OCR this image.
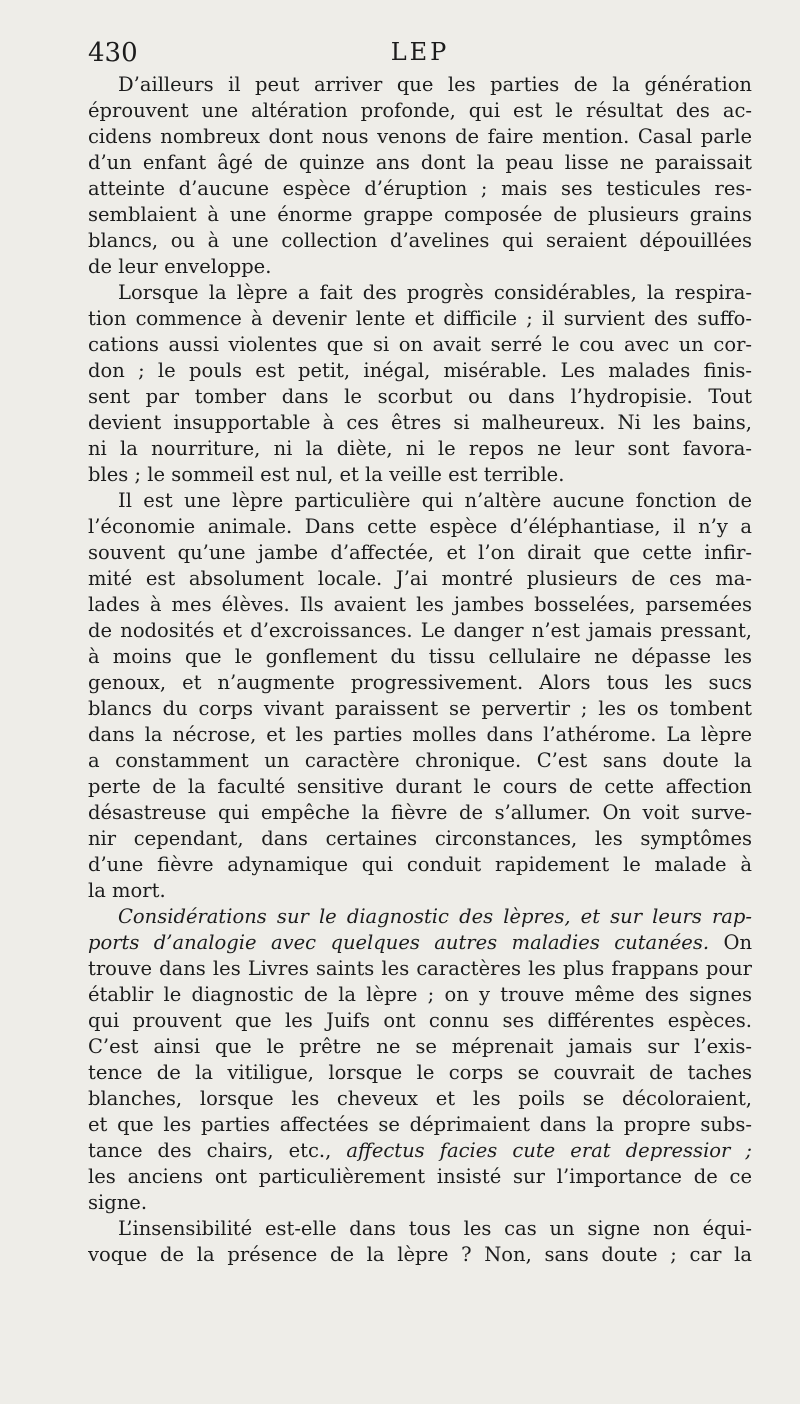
430	LEP
D’ailleurs il peut arriver que les parties de la génération
éprouvent une altération profonde, qui est le résultat des ac-
cidens nombreux dont nous venons de faire mention. Casal parle
d’un enfant âgé de quinze ans dont la peau lisse ne paraissait
atteinte d’aucune espèce d’éruption ; mais ses testicules res-
semblaient à une énorme grappe composée de plusieurs grains
blancs, ou à une collection d’avelines qui seraient dépouillées
de leur enveloppe.
Lorsque la lèpre a fait des progrès considérables, la respira-
tion commence à devenir lente et difficile ; il survient des suffo-
cations aussi violentes que si on avait serré le cou avec un cor-
don ; le pouls est petit, inégal, misérable. Les malades finis-
sent par tomber dans le scorbut ou dans l’hydropisie. Tout
devient insupportable à ces êtres si malheureux. Ni les bains,
ni la nourriture, ni la diète, ni le repos ne leur sont favora-
bles ; le sommeil est nul, et la veille est terrible.
Il est une lèpre particulière qui n’altère aucune fonction de
l’économie animale. Dans cette espèce d’éléphantiase, il n’y a
souvent qu’une jambe d’affectée, et l’on dirait que cette infir-
mité est absolument locale. J’ai montré plusieurs de ces ma-
lades à mes élèves. Ils avaient les jambes bosselées, parsemées
de nodosités et d’excroissances. Le danger n’est jamais pressant,
à moins que le gonflement du tissu cellulaire ne dépasse les
genoux, et n’augmente progressivement. Alors tous les sucs
blancs du corps vivant paraissent se pervertir ; les os tombent
dans la nécrose, et les parties molles dans l’athérome. La lèpre
a constamment un caractère chronique. C’est sans doute la
perte de la faculté sensitive durant le cours de cette affection
désastreuse qui empêche la fièvre de s’allumer. On voit surve-
nir cependant, dans certaines circonstances, les symptômes
d’une fièvre adynamique qui conduit rapidement le malade à
la mort.
Considérations sur le diagnostic des lèpres, et sur leurs rap-
ports d’analogie avec quelques autres maladies cutanées. On
trouve dans les Livres saints les caractères les plus frappans pour
établir le diagnostic de la lèpre ; on y trouve même des signes
qui prouvent que les Juifs ont connu ses différentes espèces.
C’est ainsi que le prêtre ne se méprenait jamais sur l’exis-
tence de la vitiligue, lorsque le corps se couvrait de taches
blanches, lorsque les cheveux et les poils se décoloraient,
et que les parties affectées se déprimaient dans la propre subs-
tance des chairs, etc., affectus facies cute erat depressior ;
les anciens ont particulièrement insisté sur l’importance de ce
signe.
L’insensibilité est-elle dans tous les cas un signe non équi-
voque de la présence de la lèpre ? Non, sans doute ; car la
